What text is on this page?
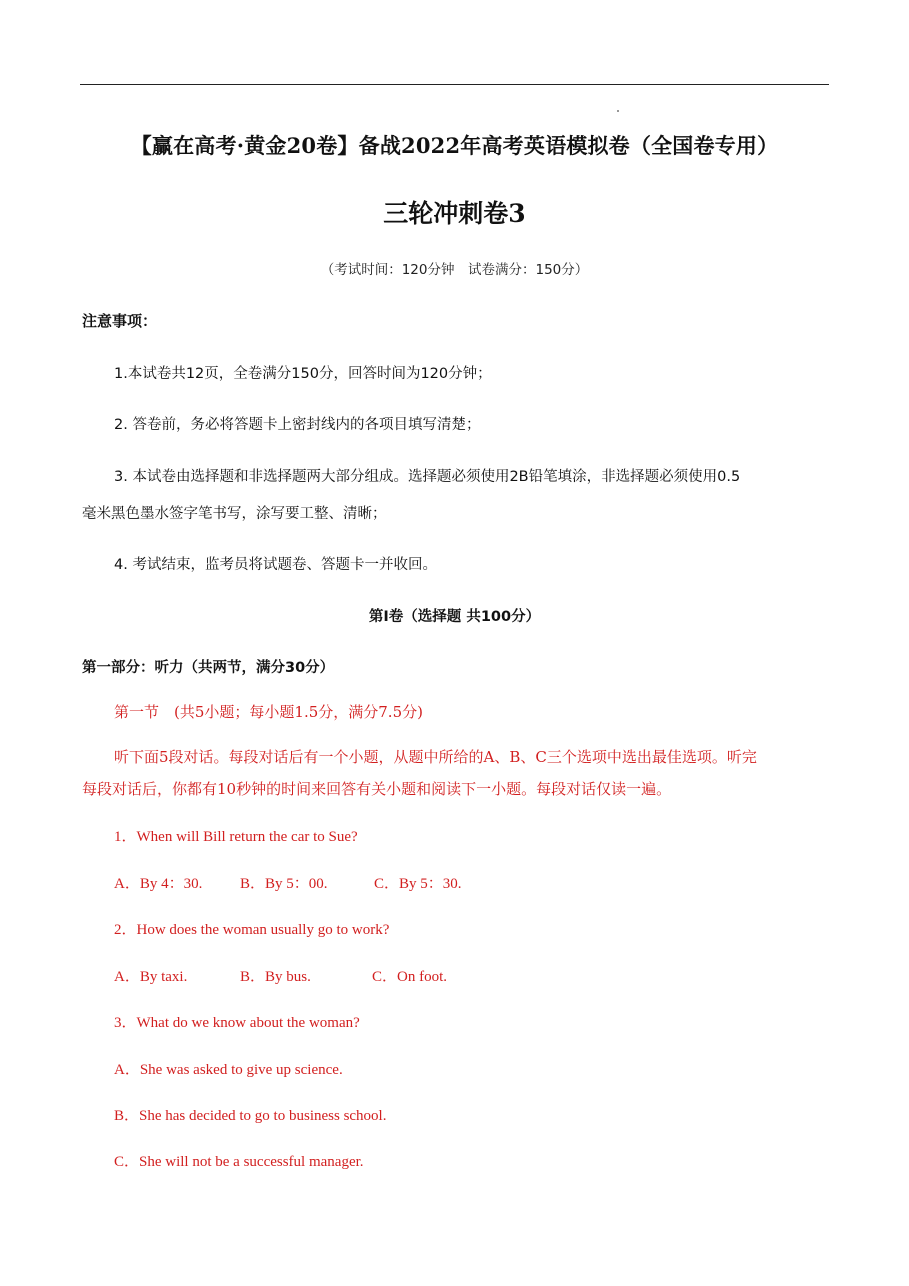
【赢在高考·黄金20卷】备战2022年高考英语模拟卷（全国卷专用）
三轮冲刺卷3
（考试时间：120分钟　试卷满分：150分）
注意事项：
1.本试卷共12页，全卷满分150分，回答时间为120分钟；
2. 答卷前，务必将答题卡上密封线内的各项目填写清楚；
3. 本试卷由选择题和非选择题两大部分组成。选择题必须使用2B铅笔填涂，非选择题必须使用0.5
毫米黑色墨水签字笔书写，涂写要工整、清晰；
4. 考试结束，监考员将试题卷、答题卡一并收回。
第I卷（选择题 共100分）
第一部分：听力（共两节，满分30分）
第一节　(共5小题；每小题1.5分，满分7.5分)
听下面5段对话。每段对话后有一个小题，从题中所给的A、B、C三个选项中选出最佳选项。听完
每段对话后，你都有10秒钟的时间来回答有关小题和阅读下一小题。每段对话仅读一遍。
1．When will Bill return the car to Sue?
A．By 4：30.	B．By 5：00.	C．By 5：30.
2．How does the woman usually go to work?
A．By taxi.	B．By bus.	C．On foot.
3．What do we know about the woman?
A．She was asked to give up science.
B．She has decided to go to business school.
C．She will not be a successful manager.
